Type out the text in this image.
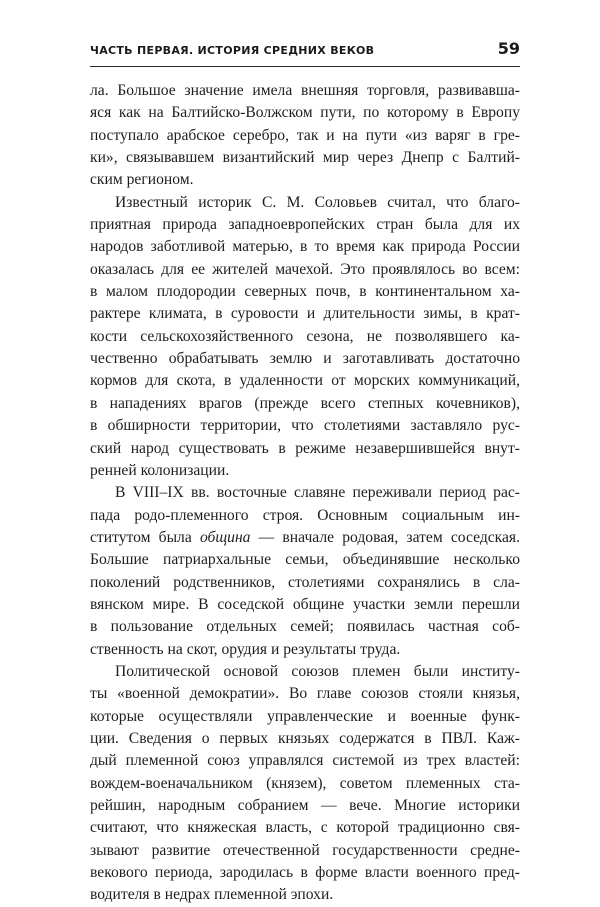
ЧАСТЬ ПЕРВАЯ. ИСТОРИЯ СРЕДНИХ ВЕКОВ	59
ла. Большое значение имела внешняя торговля, развивавша-
яся как на Балтийско-Волжском пути, по которому в Европу
поступало арабское серебро, так и на пути «из варяг в гре-
ки», связывавшем византийский мир через Днепр с Балтий-
ским регионом.
Известный историк С. М. Соловьев считал, что благо-
приятная природа западноевропейских стран была для их
народов заботливой матерью, в то время как природа России
оказалась для ее жителей мачехой. Это проявлялось во всем:
в малом плодородии северных почв, в континентальном ха-
рактере климата, в суровости и длительности зимы, в крат-
кости сельскохозяйственного сезона, не позволявшего ка-
чественно обрабатывать землю и заготавливать достаточно
кормов для скота, в удаленности от морских коммуникаций,
в нападениях врагов (прежде всего степных кочевников),
в обширности территории, что столетиями заставляло рус-
ский народ существовать в режиме незавершившейся внут-
ренней колонизации.
В VIII–IX вв. восточные славяне переживали период рас-
пада родо-племенного строя. Основным социальным ин-
ститутом была община — вначале родовая, затем соседская.
Большие патриархальные семьи, объединявшие несколько
поколений родственников, столетиями сохранялись в сла-
вянском мире. В соседской общине участки земли перешли
в пользование отдельных семей; появилась частная соб-
ственность на скот, орудия и результаты труда.
Политической основой союзов племен были институ-
ты «военной демократии». Во главе союзов стояли князья,
которые осуществляли управленческие и военные функ-
ции. Сведения о первых князьях содержатся в ПВЛ. Каж-
дый племенной союз управлялся системой из трех властей:
вождем-военачальником (князем), советом племенных ста-
рейшин, народным собранием — вече. Многие историки
считают, что княжеская власть, с которой традиционно свя-
зывают развитие отечественной государственности средне-
векового периода, зародилась в форме власти военного пред-
водителя в недрах племенной эпохи.
